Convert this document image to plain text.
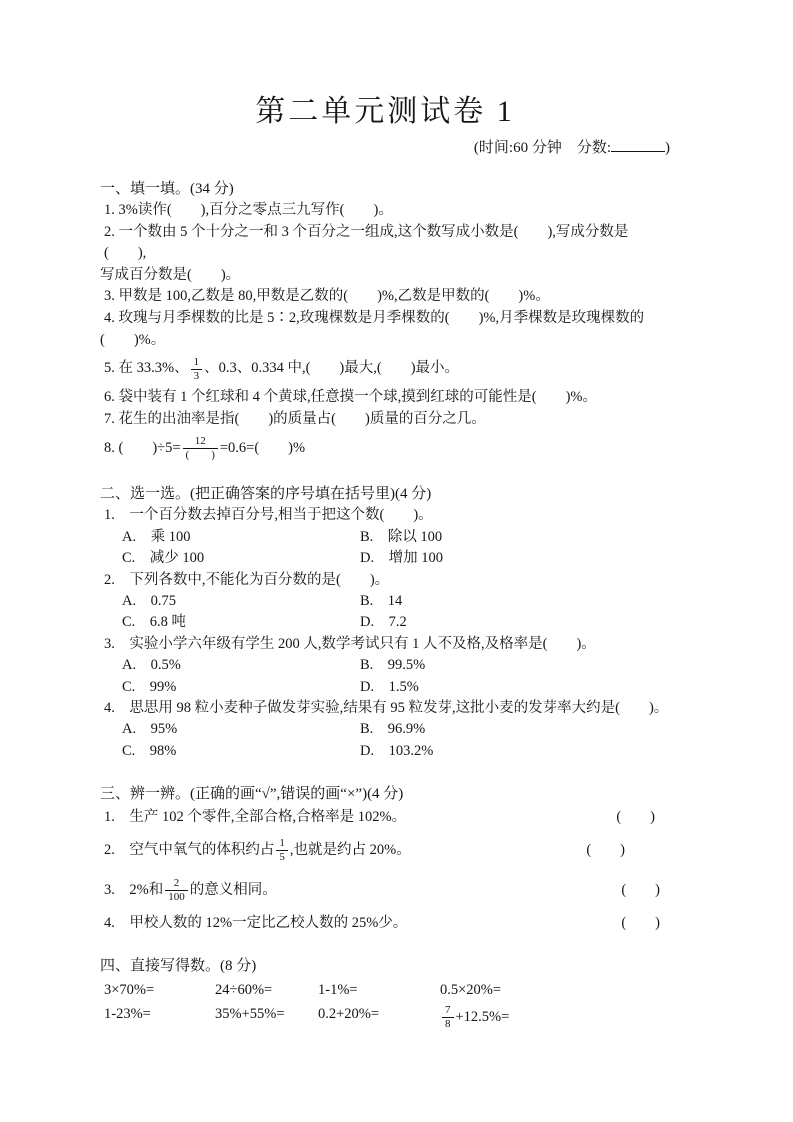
第二单元测试卷 1
(时间:60 分钟　分数:	)
一、填一填。(34 分)
1. 3%读作(　　),百分之零点三九写作(　　)。
2. 一个数由 5 个十分之一和 3 个百分之一组成,这个数写成小数是(　　),写成分数是(　　),
写成百分数是(　　)。
3. 甲数是 100,乙数是 80,甲数是乙数的(　　)%,乙数是甲数的(　　)%。
4. 玫瑰与月季棵数的比是 5∶2,玫瑰棵数是月季棵数的(　　)%,月季棵数是玫瑰棵数的
(　　)%。
5. 在 33.3%、 $\frac{1}{3}$ 、0.3、0.334 中,(　　)最大,(　　)最小。
6. 袋中装有 1 个红球和 4 个黄球,任意摸一个球,摸到红球的可能性是(　　)%。
7. 花生的出油率是指(　　)的质量占(　　)质量的百分之几。
8. (　　)$\div 5= \frac{12}{( )} =0.6=$(　　)%
二、选一选。(把正确答案的序号填在括号里)(4 分)
1.　一个百分数去掉百分号,相当于把这个数(　　)。
A.　乘 100	B.　除以 100
C.　减少 100	D.　增加 100
2.　下列各数中,不能化为百分数的是(　　)。
A.　0.75	B.　14
C.　6.8 吨	D.　7.2
3.　实验小学六年级有学生 200 人,数学考试只有 1 人不及格,及格率是(　　)。
A.　0.5%	B.　99.5%
C.　99%	D.　1.5%
4.　思思用 98 粒小麦种子做发芽实验,结果有 95 粒发芽,这批小麦的发芽率大约是(　　)。
A.　95%	B.　96.9%
C.　98%	D.　103.2%
三、辨一辨。(正确的画“√”,错误的画“×”)(4 分)
1.　生产 102 个零件,全部合格,合格率是 102%。	(　　)
2.　空气中氧气的体积约占 $\frac{1}{5}$ ,也就是约占 20%。	(　　)
3.　2%和 $\frac{2}{100}$ 的意义相同。	(　　)
4.　甲校人数的 12%一定比乙校人数的 25%少。	(　　)
四、直接写得数。(8 分)
3×70%=	24÷60%=	1-1%=	0.5×20%=
1-23%=	35%+55%=	0.2+20%=	$\frac{7}{8} +12.5\%=$
